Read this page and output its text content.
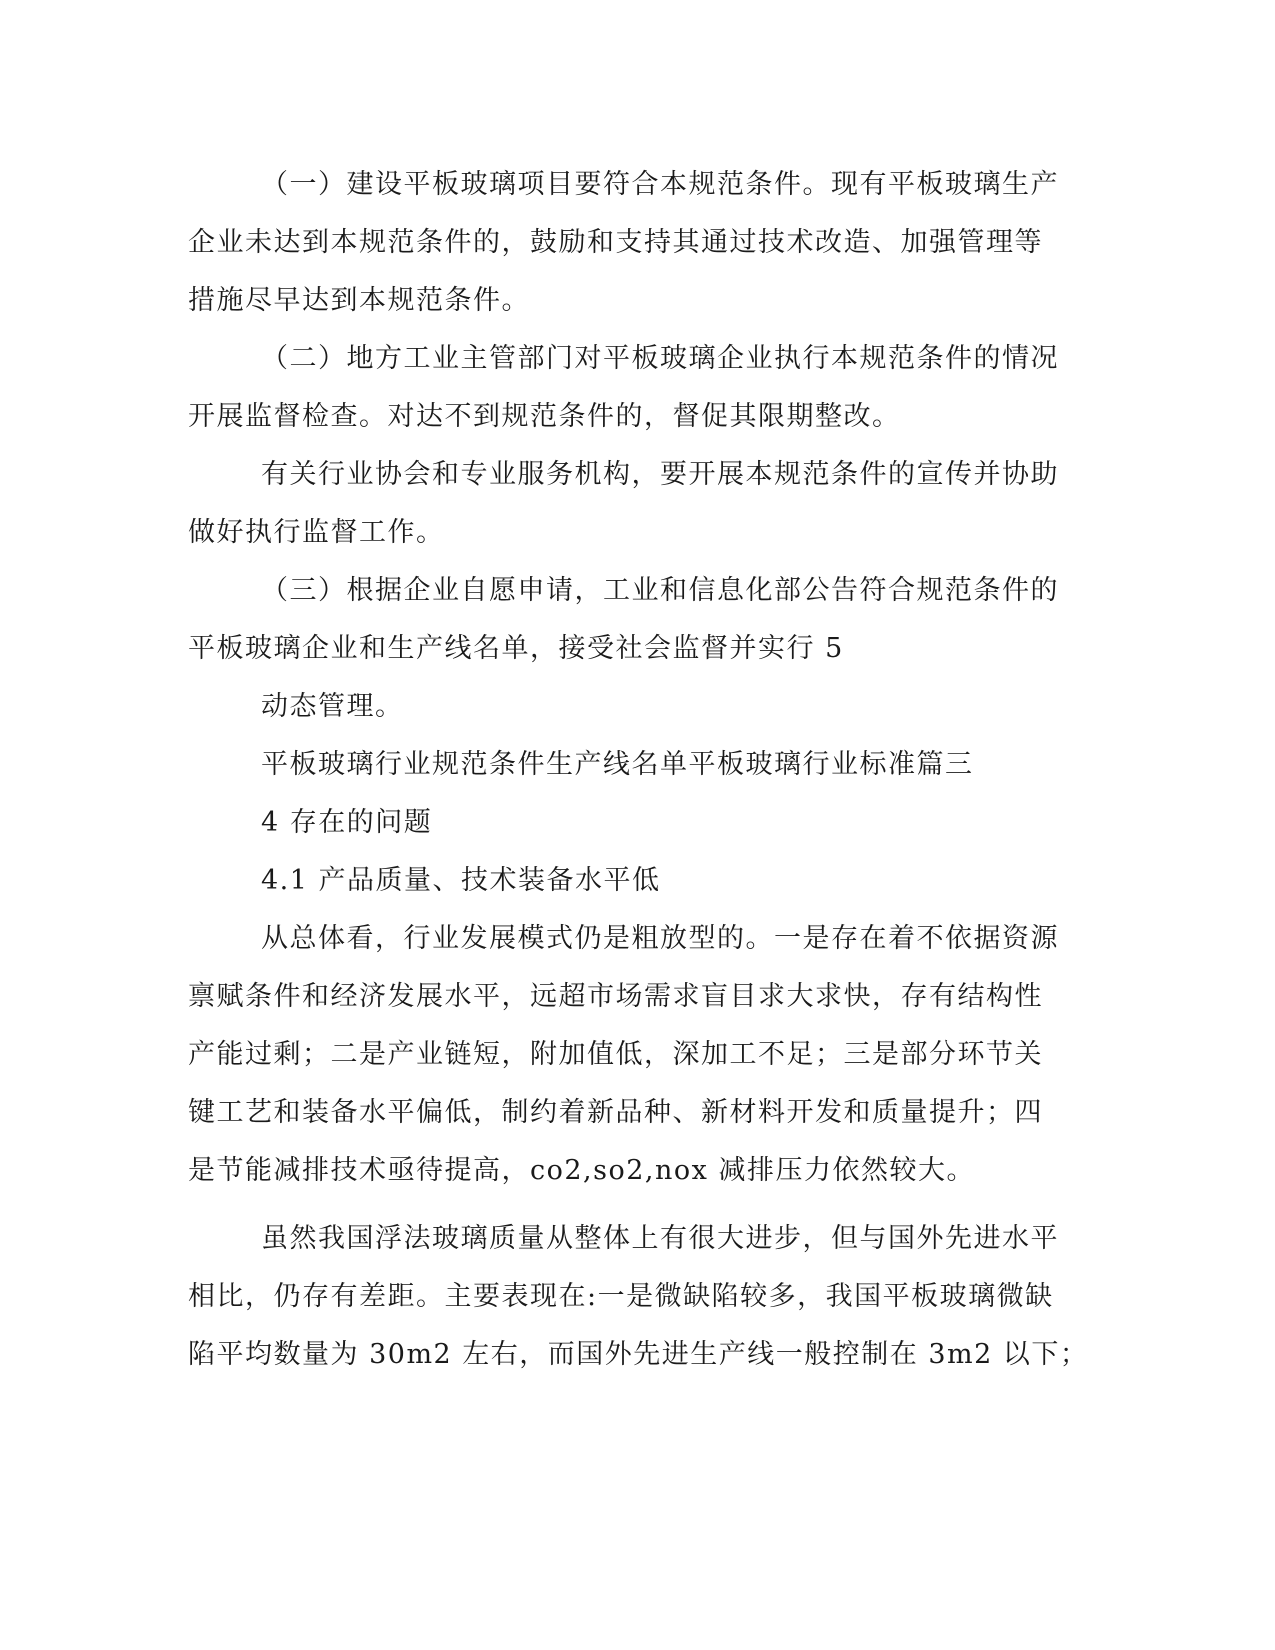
（一）建设平板玻璃项目要符合本规范条件。现有平板玻璃生产
企业未达到本规范条件的，鼓励和支持其通过技术改造、加强管理等
措施尽早达到本规范条件。
（二）地方工业主管部门对平板玻璃企业执行本规范条件的情况
开展监督检查。对达不到规范条件的，督促其限期整改。
有关行业协会和专业服务机构，要开展本规范条件的宣传并协助
做好执行监督工作。
（三）根据企业自愿申请，工业和信息化部公告符合规范条件的
平板玻璃企业和生产线名单，接受社会监督并实行 5
动态管理。
平板玻璃行业规范条件生产线名单平板玻璃行业标准篇三
4 存在的问题
4.1 产品质量、技术装备水平低
从总体看，行业发展模式仍是粗放型的。一是存在着不依据资源
禀赋条件和经济发展水平，远超市场需求盲目求大求快，存有结构性
产能过剩；二是产业链短，附加值低，深加工不足；三是部分环节关
键工艺和装备水平偏低，制约着新品种、新材料开发和质量提升；四
是节能减排技术亟待提高，co2,so2,nox 减排压力依然较大。
虽然我国浮法玻璃质量从整体上有很大进步，但与国外先进水平
相比，仍存有差距。主要表现在:一是微缺陷较多，我国平板玻璃微缺
陷平均数量为 30m2 左右，而国外先进生产线一般控制在 3m2 以下；
